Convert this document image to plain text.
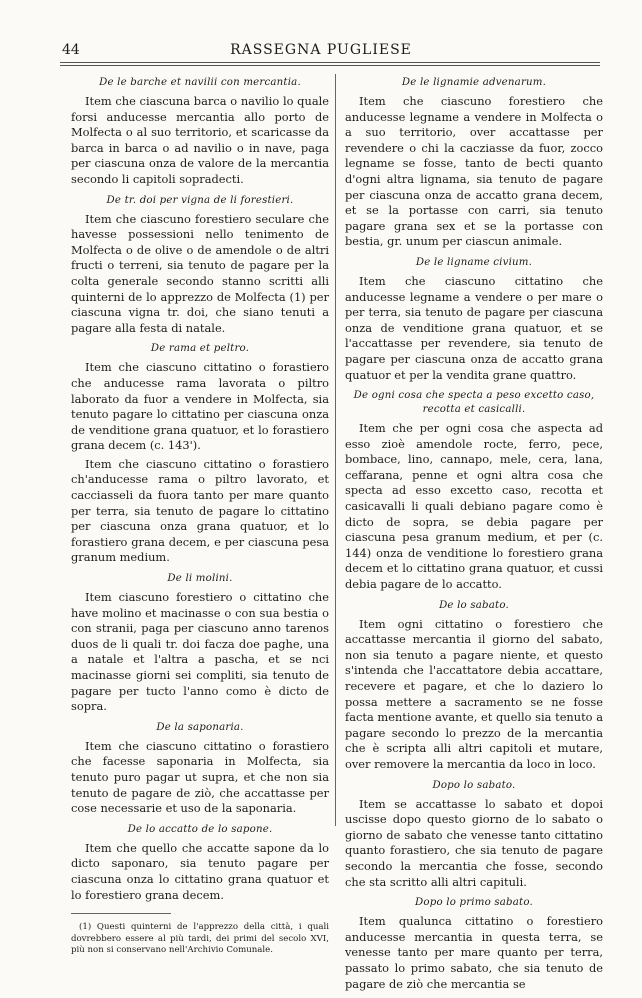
44	RASSEGNA PUGLIESE
De le barche et navilii con mercantia.

Item che ciascuna barca o navilio lo quale forsi anducesse mercantia allo porto de Molfecta o al suo territorio, et scaricasse da barca in barca o ad navilio o in nave, paga per ciascuna onza de valore de la mercantia secondo li capitoli sopradecti.

De tr. doi per vigna de li forestieri.

Item che ciascuno forestiero seculare che havesse possessioni nello tenimento de Molfecta o de olive o de amendole o de altri fructi o terreni, sia tenuto de pagare per la colta generale secondo stanno scritti alli quinterni de lo apprezzo de Molfecta (1) per ciascuna vigna tr. doi, che siano tenuti a pagare alla festa di natale.

De rama et peltro.

Item che ciascuno cittatino o forastiero che anducesse rama lavorata o piltro laborato da fuor a vendere in Molfecta, sia tenuto pagare lo cittatino per ciascuna onza de venditione grana quatuor, et lo forastiero grana decem (c. 143').

Item che ciascuno cittatino o forastiero ch'anducesse rama o piltro lavorato, et cacciasseli da fuora tanto per mare quanto per terra, sia tenuto de pagare lo cittatino per ciascuna onza grana quatuor, et lo forastiero grana decem, e per ciascuna pesa granum medium.

De li molini.

Item ciascuno forestiero o cittatino che have molino et macinasse o con sua bestia o con stranii, paga per ciascuno anno tarenos duos de li quali tr. doi facza doe paghe, una a natale et l'altra a pascha, et se nci macinasse giorni sei compliti, sia tenuto de pagare per tucto l'anno como è dicto de sopra.

De la saponaria.

Item che ciascuno cittatino o forastiero che facesse saponaria in Molfecta, sia tenuto puro pagar ut supra, et che non sia tenuto de pagare de ziò, che accattasse per cose necessarie et uso de la saponaria.

De lo accatto de lo sapone.

Item che quello che accatte sapone da lo dicto saponaro, sia tenuto pagare per ciascuna onza lo cittatino grana quatuor et lo forestiero grana decem.

(1) Questi quinterni de l'apprezzo della città, i quali dovrebbero essere al più tardi, dei primi del secolo XVI, più non si conservano nell'Archivio Comunale.

De le lignamie advenarum.

Item che ciascuno forestiero che anducesse legname a vendere in Molfecta o a suo territorio, over accattasse per revendere o chi la cacziasse da fuor, zocco legname se fosse, tanto de becti quanto d'ogni altra lignama, sia tenuto de pagare per ciascuna onza de accatto grana decem, et se la portasse con carri, sia tenuto pagare grana sex et se la portasse con bestia, gr. unum per ciascun animale.

De le ligname civium.

Item che ciascuno cittatino che anducesse legname a vendere o per mare o per terra, sia tenuto de pagare per ciascuna onza de venditione grana quatuor, et se l'accattasse per revendere, sia tenuto de pagare per ciascuna onza de accatto grana quatuor et per la vendita grane quattro.

De ogni cosa che specta a peso excetto caso, recotta et casicalli.

Item che per ogni cosa che aspecta ad esso zioè amendole rocte, ferro, pece, bombace, lino, cannapo, mele, cera, lana, ceffarana, penne et ogni altra cosa che specta ad esso excetto caso, recotta et casicavalli li quali debiano pagare como è dicto de sopra, se debia pagare per ciascuna pesa granum medium, et per (c. 144) onza de venditione lo forestiero grana decem et lo cittatino grana quatuor, et cussi debia pagare de lo accatto.

De lo sabato.

Item ogni cittatino o forestiero che accattasse mercantia il giorno del sabato, non sia tenuto a pagare niente, et questo s'intenda che l'accattatore debia accattare, recevere et pagare, et che lo daziero lo possa mettere a sacramento se ne fosse facta mentione avante, et quello sia tenuto a pagare secondo lo prezzo de la mercantia che è scripta alli altri capitoli et mutare, over removere la mercantia da loco in loco.

Dopo lo sabato.

Item se accattasse lo sabato et dopoi uscisse dopo questo giorno de lo sabato o giorno de sabato che venesse tanto cittatino quanto forastiero, che sia tenuto de pagare secondo la mercantia che fosse, secondo che sta scritto alli altri capituli.

Dopo lo primo sabato.

Item qualunca cittatino o forestiero anducesse mercantia in questa terra, se venesse tanto per mare quanto per terra, passato lo primo sabato, che sia tenuto de pagare de ziò che mercantia se
